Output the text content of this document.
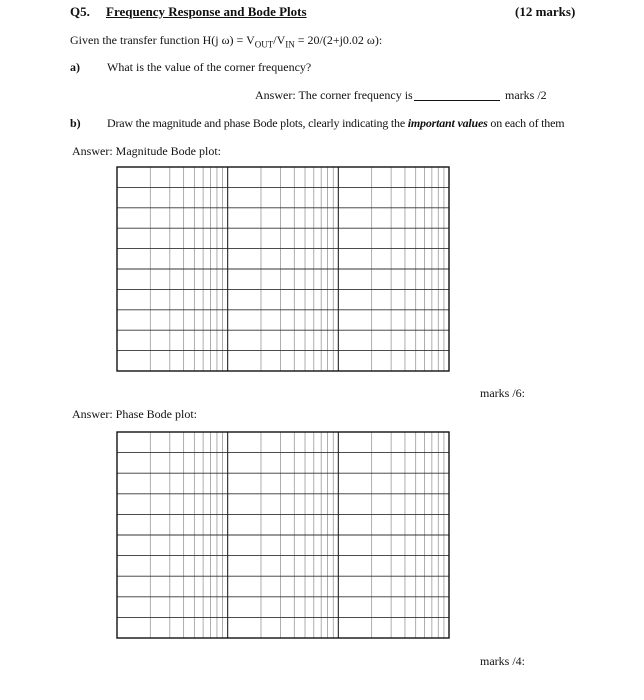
Q5. Frequency Response and Bode Plots	(12 marks)
Given the transfer function H(j $\omega) = V_{OUT}/V_{IN} = 20/(2+j0.02$ ω):
a) What is the value of the corner frequency?
Answer: The corner frequency is	marks /2
b) Draw the magnitude and phase Bode plots, clearly indicating the important values on each of them
Answer: Magnitude Bode plot:
marks /6:
Answer: Phase Bode plot:
marks /4:
